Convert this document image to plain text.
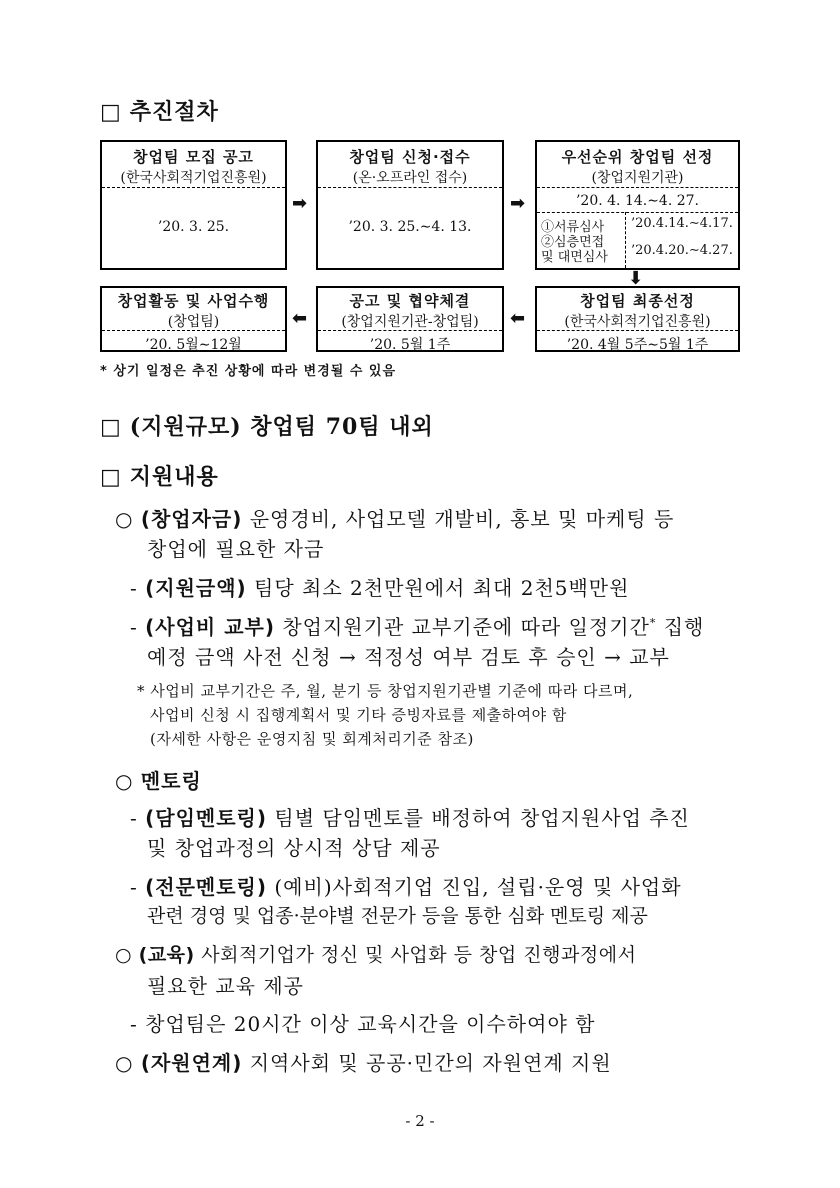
□ 추진절차
창업팀 모집 공고
(한국사회적기업진흥원)
’20. 3. 25.
➡
창업팀 신청·접수
(온·오프라인 접수)
’20. 3. 25.∼4. 13.
➡
우선순위 창업팀 선정
(창업지원기관)
’20. 4. 14.∼4. 27.
①서류심사 ’20.4.14.∼4.17.
②심층면접
및 대면심사 ’20.4.20.∼4.27.
⬇
창업활동 및 사업수행
(창업팀)
’20. 5월∼12월
⬅
공고 및 협약체결
(창업지원기관-창업팀)
’20. 5월 1주
⬅
창업팀 최종선정
(한국사회적기업진흥원)
’20. 4월 5주∼5월 1주
* 상기 일정은 추진 상황에 따라 변경될 수 있음
□ (지원규모) 창업팀 70팀 내외
□ 지원내용
○ (창업자금) 운영경비, 사업모델 개발비, 홍보 및 마케팅 등
창업에 필요한 자금
- (지원금액) 팀당 최소 2천만원에서 최대 2천5백만원
- (사업비 교부) 창업지원기관 교부기준에 따라 일정기간* 집행
예정 금액 사전 신청 → 적정성 여부 검토 후 승인 → 교부
* 사업비 교부기간은 주, 월, 분기 등 창업지원기관별 기준에 따라 다르며,
사업비 신청 시 집행계획서 및 기타 증빙자료를 제출하여야 함
(자세한 사항은 운영지침 및 회계처리기준 참조)
○ 멘토링
- (담임멘토링) 팀별 담임멘토를 배정하여 창업지원사업 추진
및 창업과정의 상시적 상담 제공
- (전문멘토링) (예비)사회적기업 진입, 설립·운영 및 사업화
관련 경영 및 업종·분야별 전문가 등을 통한 심화 멘토링 제공
○ (교육) 사회적기업가 정신 및 사업화 등 창업 진행과정에서
필요한 교육 제공
- 창업팀은 20시간 이상 교육시간을 이수하여야 함
○ (자원연계) 지역사회 및 공공·민간의 자원연계 지원
- 2 -
